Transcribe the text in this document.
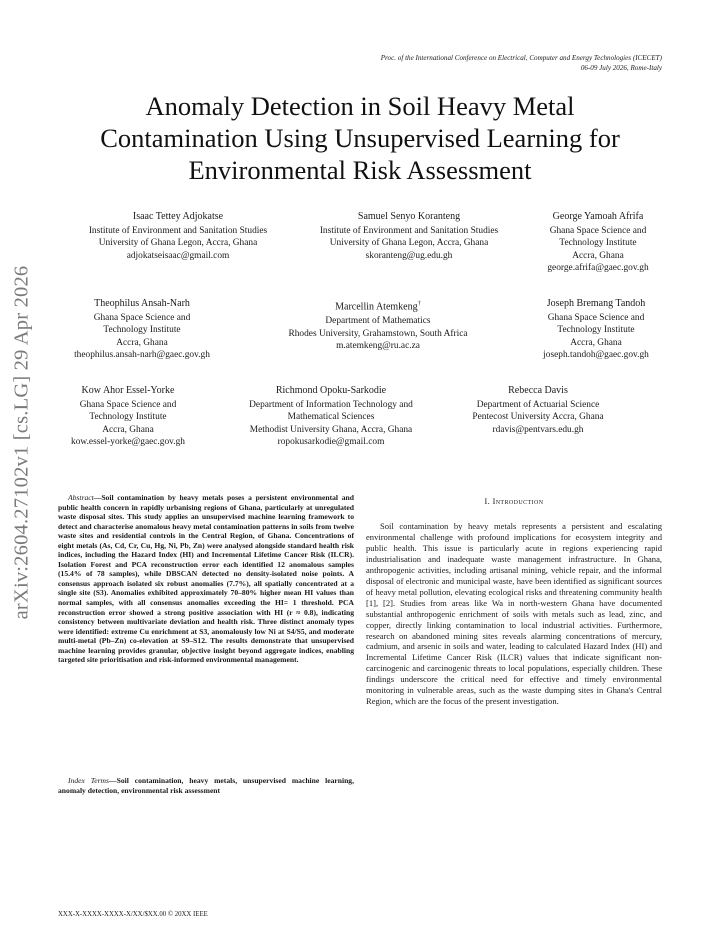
arXiv:2604.27102v1 [cs.LG] 29 Apr 2026
Proc. of the International Conference on Electrical, Computer and Energy Technologies (ICECET)
06-09 July 2026, Rome-Italy
Anomaly Detection in Soil Heavy Metal
Contamination Using Unsupervised Learning for
Environmental Risk Assessment
Isaac Tettey Adjokatse
Institute of Environment and Sanitation Studies
University of Ghana Legon, Accra, Ghana
adjokatseisaac@gmail.com
Samuel Senyo Koranteng
Institute of Environment and Sanitation Studies
University of Ghana Legon, Accra, Ghana
skoranteng@ug.edu.gh
George Yamoah Afrifa
Ghana Space Science and
Technology Institute
Accra, Ghana
george.afrifa@gaec.gov.gh
Theophilus Ansah-Narh
Ghana Space Science and
Technology Institute
Accra, Ghana
theophilus.ansah-narh@gaec.gov.gh
Marcellin Atemkeng†
Department of Mathematics
Rhodes University, Grahamstown, South Africa
m.atemkeng@ru.ac.za
Joseph Bremang Tandoh
Ghana Space Science and
Technology Institute
Accra, Ghana
joseph.tandoh@gaec.gov.gh
Kow Ahor Essel-Yorke
Ghana Space Science and
Technology Institute
Accra, Ghana
kow.essel-yorke@gaec.gov.gh
Richmond Opoku-Sarkodie
Department of Information Technology and
Mathematical Sciences
Methodist University Ghana, Accra, Ghana
ropokusarkodie@gmail.com
Rebecca Davis
Department of Actuarial Science
Pentecost University Accra, Ghana
rdavis@pentvars.edu.gh
Abstract—Soil contamination by heavy metals poses a persistent environmental and public health concern in rapidly urbanising regions of Ghana, particularly at unregulated waste disposal sites. This study applies an unsupervised machine learning framework to detect and characterise anomalous heavy metal contamination patterns in soils from twelve waste sites and residential controls in the Central Region, of Ghana. Concentrations of eight metals (As, Cd, Cr, Cu, Hg, Ni, Pb, Zn) were analysed alongside standard health risk indices, including the Hazard Index (HI) and Incremental Lifetime Cancer Risk (ILCR). Isolation Forest and PCA reconstruction error each identified 12 anomalous samples (15.4% of 78 samples), while DBSCAN detected no density-isolated noise points. A consensus approach isolated six robust anomalies (7.7%), all spatially concentrated at a single site (S3). Anomalies exhibited approximately 70–80% higher mean HI values than normal samples, with all consensus anomalies exceeding the HI= 1 threshold. PCA reconstruction error showed a strong positive association with HI (r ≈ 0.8), indicating consistency between multivariate deviation and health risk. Three distinct anomaly types were identified: extreme Cu enrichment at S3, anomalously low Ni at S4/S5, and moderate multi-metal (Pb–Zn) co-elevation at S9–S12. The results demonstrate that unsupervised machine learning provides granular, objective insight beyond aggregate indices, enabling targeted site prioritisation and risk-informed environmental management.
Index Terms—Soil contamination, heavy metals, unsupervised machine learning, anomaly detection, environmental risk assessment
I. Introduction
Soil contamination by heavy metals represents a persistent and escalating environmental challenge with profound implications for ecosystem integrity and public health. This issue is particularly acute in regions experiencing rapid industrialisation and inadequate waste management infrastructure. In Ghana, anthropogenic activities, including artisanal mining, vehicle repair, and the informal disposal of electronic and municipal waste, have been identified as significant sources of heavy metal pollution, elevating ecological risks and threatening community health [1], [2]. Studies from areas like Wa in north-western Ghana have documented substantial anthropogenic enrichment of soils with metals such as lead, zinc, and copper, directly linking contamination to local industrial activities. Furthermore, research on abandoned mining sites reveals alarming concentrations of mercury, cadmium, and arsenic in soils and water, leading to calculated Hazard Index (HI) and Incremental Lifetime Cancer Risk (ILCR) values that indicate significant non-carcinogenic and carcinogenic threats to local populations, especially children. These findings underscore the critical need for effective and timely environmental monitoring in vulnerable areas, such as the waste dumping sites in Ghana's Central Region, which are the focus of the present investigation.
XXX-X-XXXX-XXXX-X/XX/$XX.00 © 20XX IEEE
